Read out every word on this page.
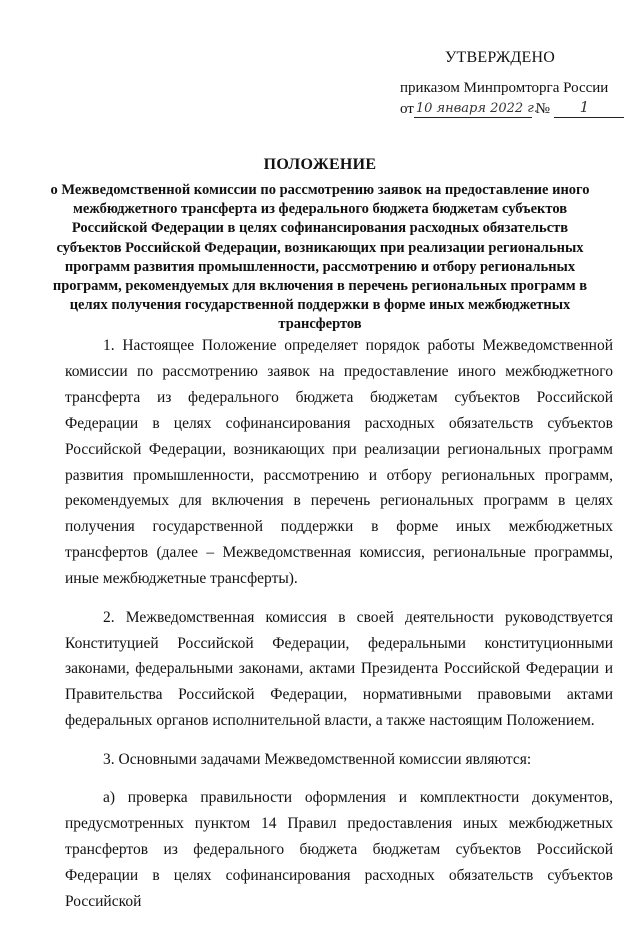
УТВЕРЖДЕНО
приказом Минпромторга России
от 10 января 2022 г.
№ 1
ПОЛОЖЕНИЕ
о Межведомственной комиссии по рассмотрению заявок на предоставление иного межбюджетного трансферта из федерального бюджета бюджетам субъектов Российской Федерации в целях софинансирования расходных обязательств субъектов Российской Федерации, возникающих при реализации региональных программ развития промышленности, рассмотрению и отбору региональных программ, рекомендуемых для включения в перечень региональных программ в целях получения государственной поддержки в форме иных межбюджетных трансфертов

1. Настоящее Положение определяет порядок работы Межведомственной комиссии по рассмотрению заявок на предоставление иного межбюджетного трансферта из федерального бюджета бюджетам субъектов Российской Федерации в целях софинансирования расходных обязательств субъектов Российской Федерации, возникающих при реализации региональных программ развития промышленности, рассмотрению и отбору региональных программ, рекомендуемых для включения в перечень региональных программ в целях получения государственной поддержки в форме иных межбюджетных трансфертов (далее – Межведомственная комиссия, региональные программы, иные межбюджетные трансферты).

2. Межведомственная комиссия в своей деятельности руководствуется Конституцией Российской Федерации, федеральными конституционными законами, федеральными законами, актами Президента Российской Федерации и Правительства Российской Федерации, нормативными правовыми актами федеральных органов исполнительной власти, а также настоящим Положением.

3. Основными задачами Межведомственной комиссии являются:

а) проверка правильности оформления и комплектности документов, предусмотренных пунктом 14 Правил предоставления иных межбюджетных трансфертов из федерального бюджета бюджетам субъектов Российской Федерации в целях софинансирования расходных обязательств субъектов Российской
